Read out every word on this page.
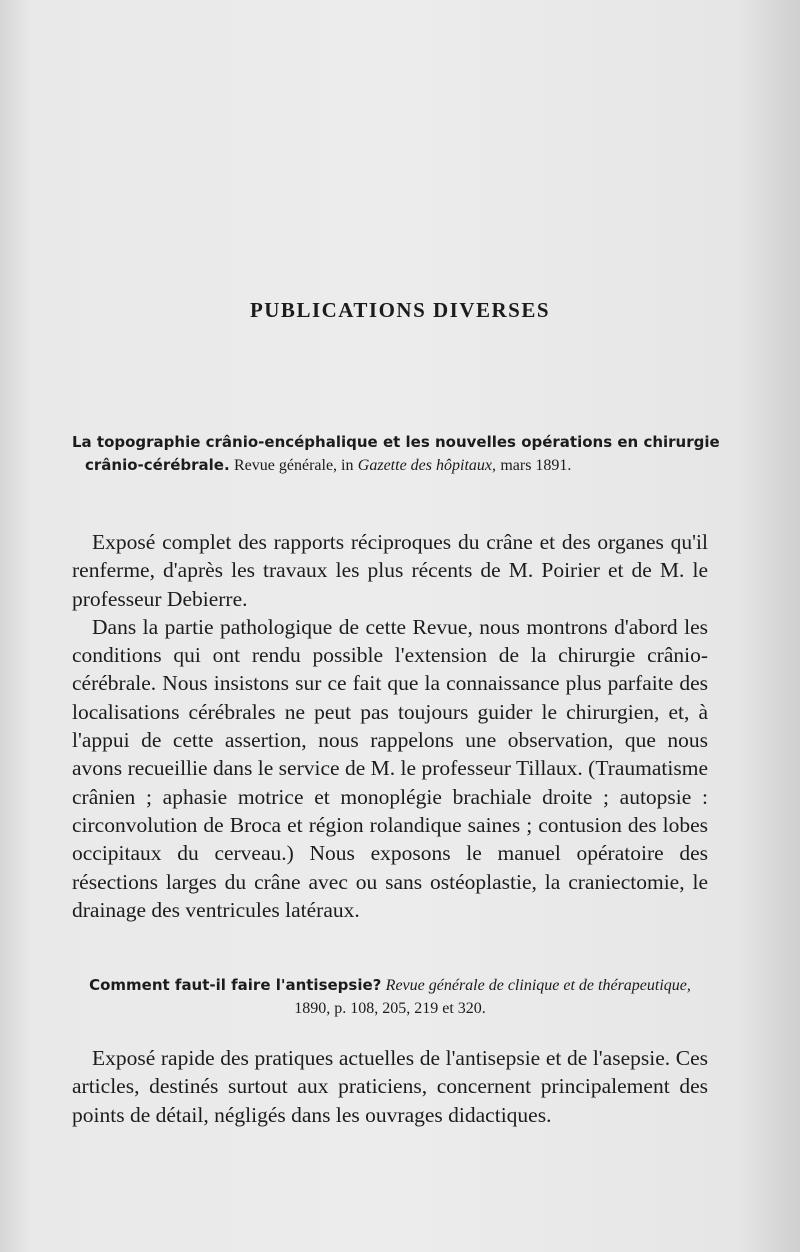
PUBLICATIONS DIVERSES
La topographie crânio-encéphalique et les nouvelles opérations en chirurgie crânio-cérébrale. Revue générale, in Gazette des hôpitaux, mars 1891.

Exposé complet des rapports réciproques du crâne et des organes qu'il renferme, d'après les travaux les plus récents de M. Poirier et de M. le professeur Debierre.

Dans la partie pathologique de cette Revue, nous montrons d'abord les conditions qui ont rendu possible l'extension de la chirurgie crânio-cérébrale. Nous insistons sur ce fait que la connaissance plus parfaite des localisations cérébrales ne peut pas toujours guider le chirurgien, et, à l'appui de cette assertion, nous rappelons une observation, que nous avons recueillie dans le service de M. le professeur Tillaux. (Traumatisme crânien ; aphasie motrice et monoplégie brachiale droite ; autopsie : circonvolution de Broca et région rolandique saines ; contusion des lobes occipitaux du cerveau.) Nous exposons le manuel opératoire des résections larges du crâne avec ou sans ostéoplastie, la craniectomie, le drainage des ventricules latéraux.

Comment faut-il faire l'antisepsie? Revue générale de clinique et de thérapeutique, 1890, p. 108, 205, 219 et 320.

Exposé rapide des pratiques actuelles de l'antisepsie et de l'asepsie. Ces articles, destinés surtout aux praticiens, concernent principalement des points de détail, négligés dans les ouvrages didactiques.
